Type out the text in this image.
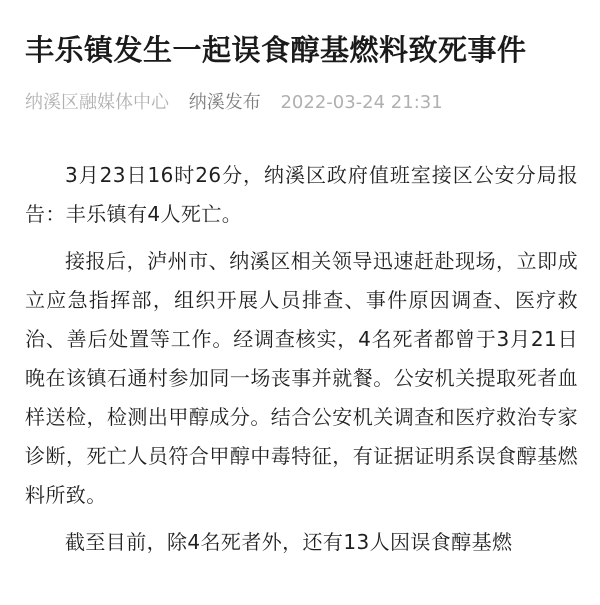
丰乐镇发生一起误食醇基燃料致死事件
纳溪区融媒体中心 纳溪发布 2022-03-24 21:31

3月23日16时26分，纳溪区政府值班室接区公安分局报告：丰乐镇有4人死亡。

接报后，泸州市、纳溪区相关领导迅速赶赴现场，立即成立应急指挥部，组织开展人员排查、事件原因调查、医疗救治、善后处置等工作。经调查核实，4名死者都曾于3月21日晚在该镇石通村参加同一场丧事并就餐。公安机关提取死者血样送检，检测出甲醇成分。结合公安机关调查和医疗救治专家诊断，死亡人员符合甲醇中毒特征，有证据证明系误食醇基燃料所致。

截至目前，除4名死者外，还有13人因误食醇基燃
